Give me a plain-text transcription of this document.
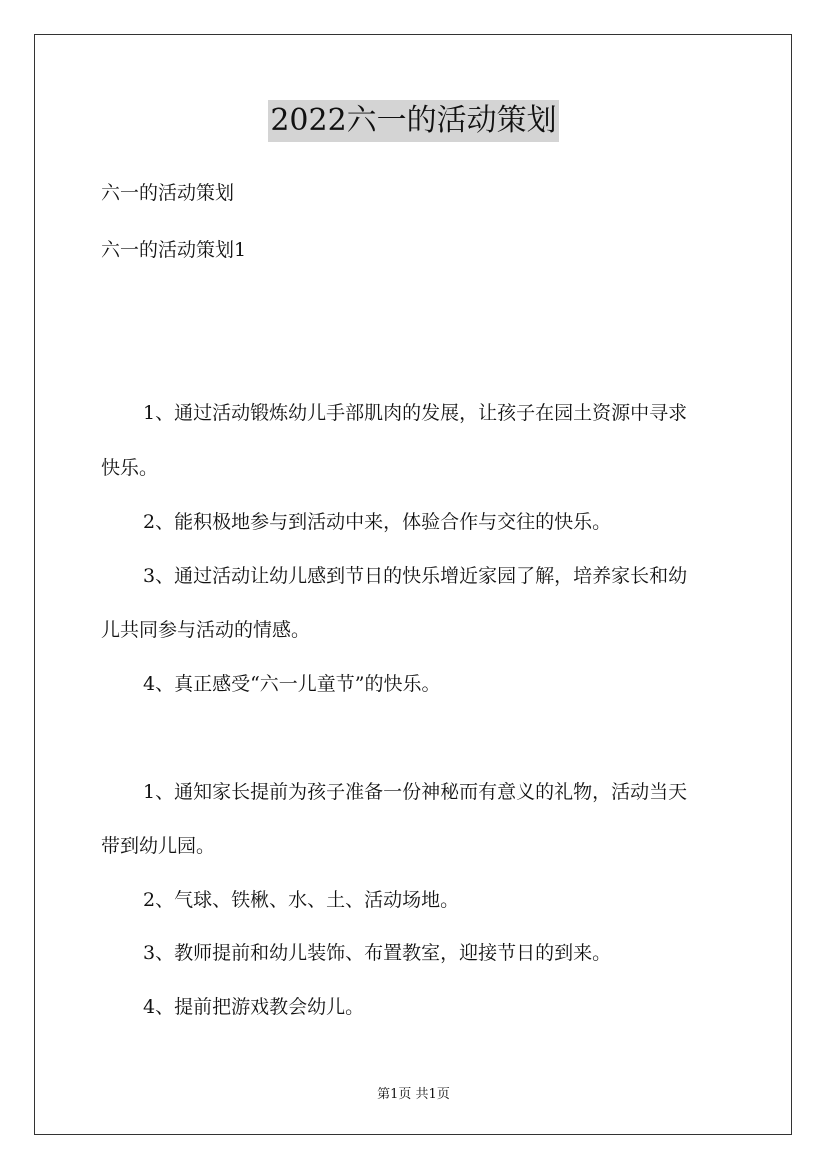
2022六一的活动策划
六一的活动策划
六一的活动策划1
1、通过活动锻炼幼儿手部肌肉的发展，让孩子在园土资源中寻求
快乐。
2、能积极地参与到活动中来，体验合作与交往的快乐。
3、通过活动让幼儿感到节日的快乐增近家园了解，培养家长和幼
儿共同参与活动的情感。
4、真正感受“六一儿童节”的快乐。
1、通知家长提前为孩子准备一份神秘而有意义的礼物，活动当天
带到幼儿园。
2、气球、铁楸、水、土、活动场地。
3、教师提前和幼儿装饰、布置教室，迎接节日的到来。
4、提前把游戏教会幼儿。
第1页 共1页
